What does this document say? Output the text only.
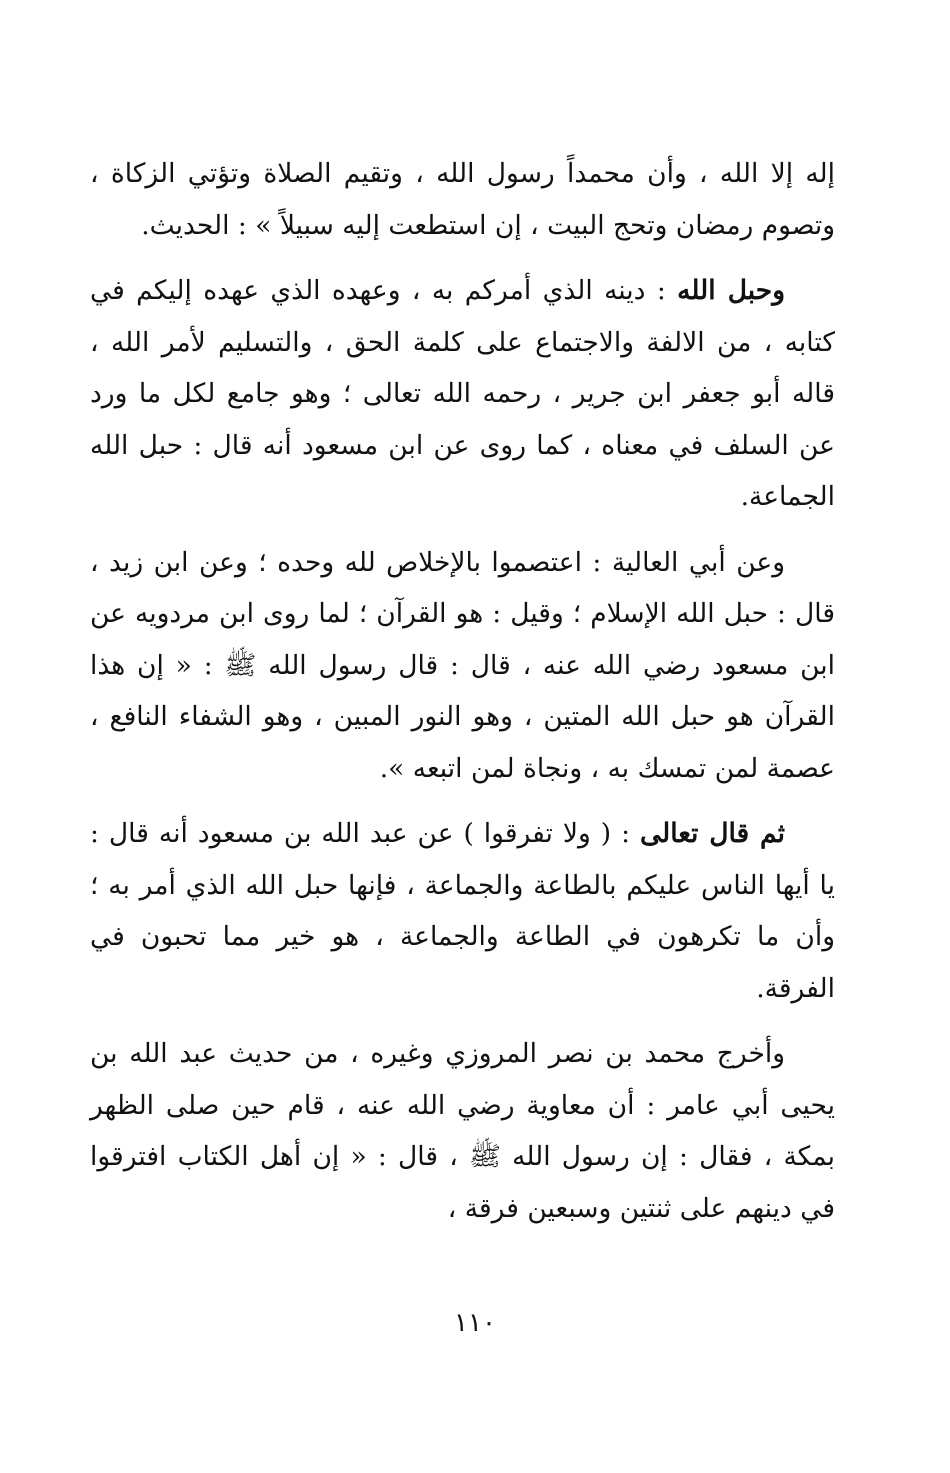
إله إلا الله ، وأن محمداً رسول الله ، وتقيم الصلاة وتؤتي الزكاة ، وتصوم رمضان وتحج البيت ، إن استطعت إليه سبيلاً » : الحديث.

وحبل الله : دينه الذي أمركم به ، وعهده الذي عهده إليكم في كتابه ، من الالفة والاجتماع على كلمة الحق ، والتسليم لأمر الله ، قاله أبو جعفر ابن جرير ، رحمه الله تعالى ؛ وهو جامع لكل ما ورد عن السلف في معناه ، كما روى عن ابن مسعود أنه قال : حبل الله الجماعة.

وعن أبي العالية : اعتصموا بالإخلاص لله وحده ؛ وعن ابن زيد ، قال : حبل الله الإسلام ؛ وقيل : هو القرآن ؛ لما روى ابن مردويه عن ابن مسعود رضي الله عنه ، قال : قال رسول الله ﷺ : « إن هذا القرآن هو حبل الله المتين ، وهو النور المبين ، وهو الشفاء النافع ، عصمة لمن تمسك به ، ونجاة لمن اتبعه ».

ثم قال تعالى : ( ولا تفرقوا ) عن عبد الله بن مسعود أنه قال : يا أيها الناس عليكم بالطاعة والجماعة ، فإنها حبل الله الذي أمر به ؛ وأن ما تكرهون في الطاعة والجماعة ، هو خير مما تحبون في الفرقة.

وأخرج محمد بن نصر المروزي وغيره ، من حديث عبد الله بن يحيى أبي عامر : أن معاوية رضي الله عنه ، قام حين صلى الظهر بمكة ، فقال : إن رسول الله ﷺ ، قال : « إن أهل الكتاب افترقوا في دينهم على ثنتين وسبعين فرقة ،

١١٠
